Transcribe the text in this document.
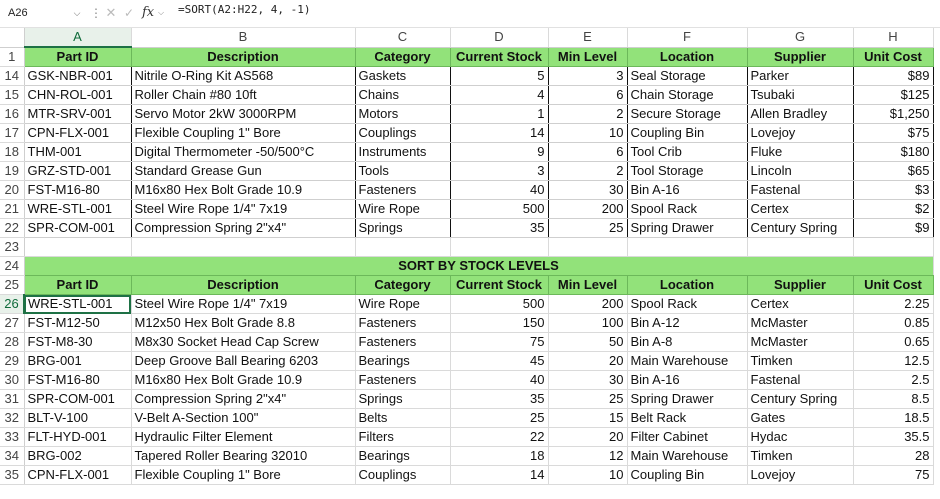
A26	⌵ ⋮ ✕ ✓ fx ⌵	=SORT(A2:H22, 4, -1)
	A	B	C	D	E	F	G	H
1	Part ID	Description	Category	Current Stock	Min Level	Location	Supplier	Unit Cost
14	GSK-NBR-001	Nitrile O-Ring Kit AS568	Gaskets	5	3	Seal Storage	Parker	$89
15	CHN-ROL-001	Roller Chain #80 10ft	Chains	4	6	Chain Storage	Tsubaki	$125
16	MTR-SRV-001	Servo Motor 2kW 3000RPM	Motors	1	2	Secure Storage	Allen Bradley	$1,250
17	CPN-FLX-001	Flexible Coupling 1" Bore	Couplings	14	10	Coupling Bin	Lovejoy	$75
18	THM-001	Digital Thermometer -50/500°C	Instruments	9	6	Tool Crib	Fluke	$180
19	GRZ-STD-001	Standard Grease Gun	Tools	3	2	Tool Storage	Lincoln	$65
20	FST-M16-80	M16x80 Hex Bolt Grade 10.9	Fasteners	40	30	Bin A-16	Fastenal	$3
21	WRE-STL-001	Steel Wire Rope 1/4" 7x19	Wire Rope	500	200	Spool Rack	Certex	$2
22	SPR-COM-001	Compression Spring 2"x4"	Springs	35	25	Spring Drawer	Century Spring	$9
23								
24	SORT BY STOCK LEVELS							
25	Part ID	Description	Category	Current Stock	Min Level	Location	Supplier	Unit Cost
26	WRE-STL-001	Steel Wire Rope 1/4" 7x19	Wire Rope	500	200	Spool Rack	Certex	2.25
27	FST-M12-50	M12x50 Hex Bolt Grade 8.8	Fasteners	150	100	Bin A-12	McMaster	0.85
28	FST-M8-30	M8x30 Socket Head Cap Screw	Fasteners	75	50	Bin A-8	McMaster	0.65
29	BRG-001	Deep Groove Ball Bearing 6203	Bearings	45	20	Main Warehouse	Timken	12.5
30	FST-M16-80	M16x80 Hex Bolt Grade 10.9	Fasteners	40	30	Bin A-16	Fastenal	2.5
31	SPR-COM-001	Compression Spring 2"x4"	Springs	35	25	Spring Drawer	Century Spring	8.5
32	BLT-V-100	V-Belt A-Section 100"	Belts	25	15	Belt Rack	Gates	18.5
33	FLT-HYD-001	Hydraulic Filter Element	Filters	22	20	Filter Cabinet	Hydac	35.5
34	BRG-002	Tapered Roller Bearing 32010	Bearings	18	12	Main Warehouse	Timken	28
35	CPN-FLX-001	Flexible Coupling 1" Bore	Couplings	14	10	Coupling Bin	Lovejoy	75
